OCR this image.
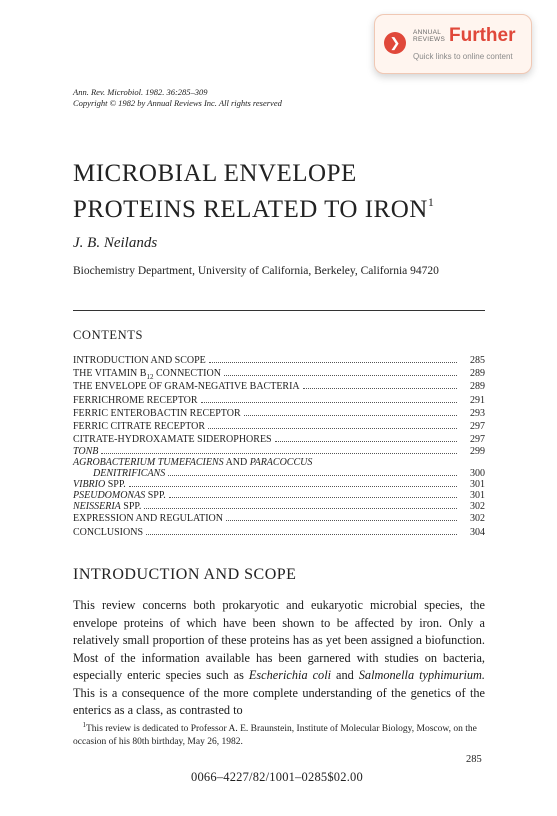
❯
ANNUAL
REVIEWS Further
Quick links to online content
Ann. Rev. Microbiol. 1982. 36:285–309
Copyright © 1982 by Annual Reviews Inc. All rights reserved
MICROBIAL ENVELOPE
PROTEINS RELATED TO IRON$^1$
J. B. Neilands
Biochemistry Department, University of California, Berkeley, California 94720
CONTENTS
INTRODUCTION AND SCOPE	285
THE VITAMIN $B_{12}$ CONNECTION	289
THE ENVELOPE OF GRAM-NEGATIVE BACTERIA	289
FERRICHROME RECEPTOR	291
FERRIC ENTEROBACTIN RECEPTOR	293
FERRIC CITRATE RECEPTOR	297
CITRATE-HYDROXAMATE SIDEROPHORES	297
TONB	299
AGROBACTERIUM TUMEFACIENS AND PARACOCCUS
DENITRIFICANS	300
VIBRIO SPP.	301
PSEUDOMONAS SPP.	301
NEISSERIA SPP.	302
EXPRESSION AND REGULATION	302
CONCLUSIONS	304
INTRODUCTION AND SCOPE
This review concerns both prokaryotic and eukaryotic microbial species, the envelope proteins of which have been shown to be affected by iron. Only a relatively small proportion of these proteins has as yet been assigned a biofunction. Most of the information available has been garnered with studies on bacteria, especially enteric species such as Escherichia coli and Salmonella typhimurium. This is a consequence of the more complete understanding of the genetics of the enterics as a class, as contrasted to
$^1$This review is dedicated to Professor A. E. Braunstein, Institute of Molecular Biology, Moscow, on the occasion of his 80th birthday, May 26, 1982.
285
0066–4227/82/1001–0285$02.00
